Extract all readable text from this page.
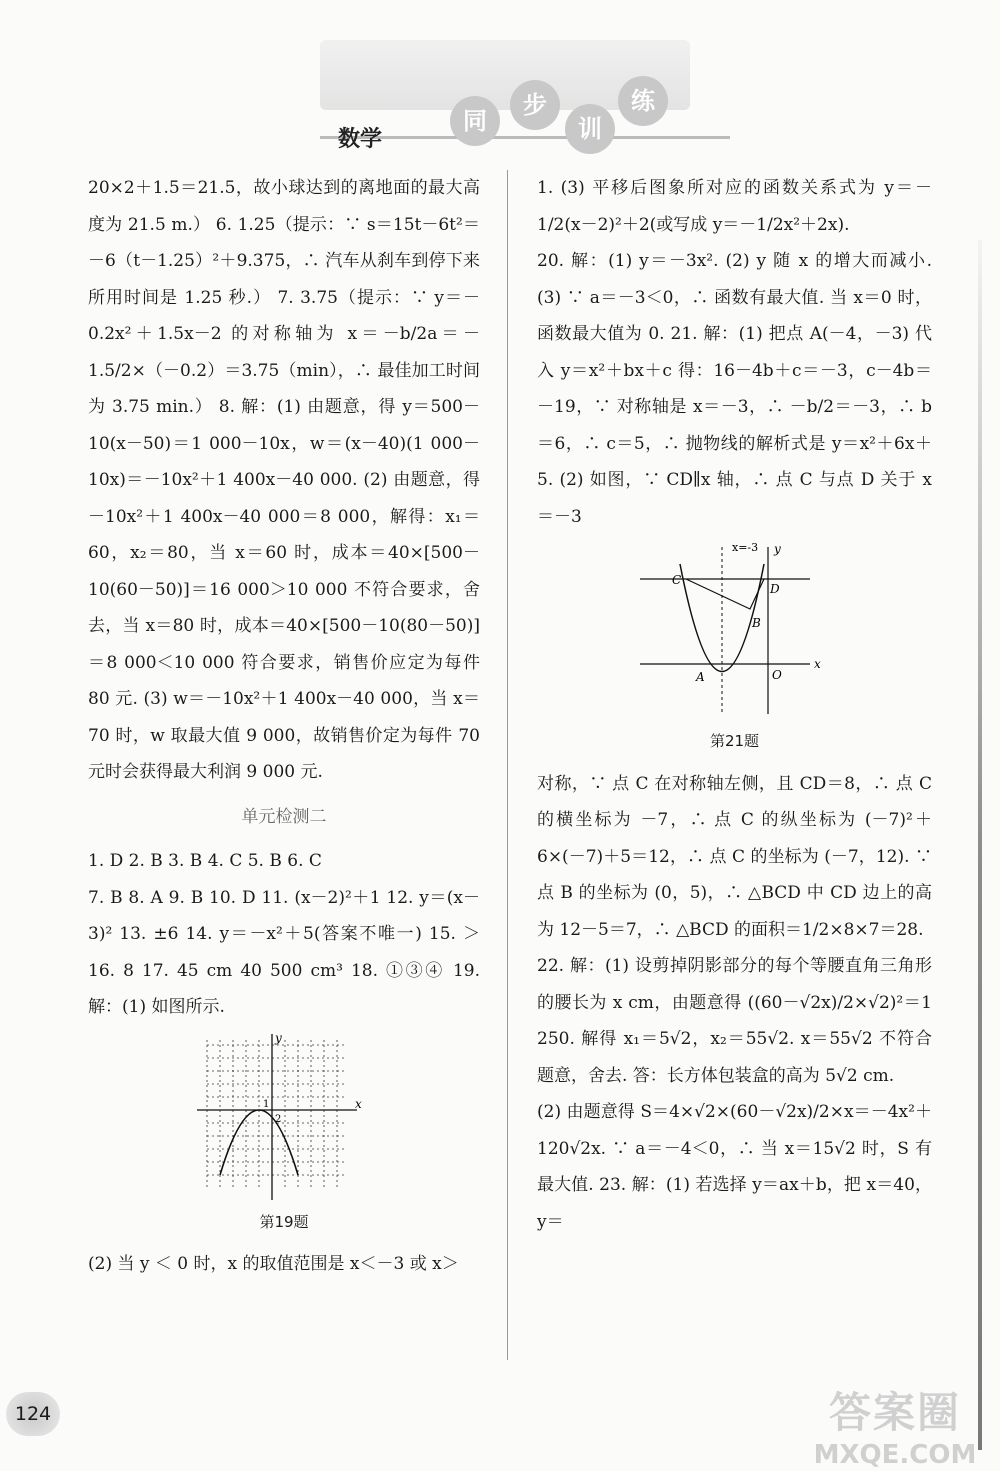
数学
同
步
训
练

20×2＋1.5＝21.5，故小球达到的离地面的最大高度为 21.5 m.） 6. 1.25（提示：∵ s＝15t－6t²＝－6（t－1.25）²＋9.375，∴ 汽车从刹车到停下来所用时间是 1.25 秒.） 7. 3.75（提示：∵ y＝－0.2x²＋1.5x－2 的对称轴为 x＝－b/2a＝－1.5/2×（－0.2）＝3.75（min），∴ 最佳加工时间为 3.75 min.） 8. 解：(1) 由题意，得 y＝500－10(x－50)＝1 000－10x，w＝(x－40)(1 000－10x)＝－10x²＋1 400x－40 000. (2) 由题意，得 －10x²＋1 400x－40 000＝8 000，解得：x₁＝60，x₂＝80，当 x＝60 时，成本＝40×[500－10(60－50)]＝16 000＞10 000 不符合要求，舍去，当 x＝80 时，成本＝40×[500－10(80－50)]＝8 000＜10 000 符合要求，销售价应定为每件 80 元. (3) w＝－10x²＋1 400x－40 000，当 x＝70 时，w 取最大值 9 000，故销售价定为每件 70 元时会获得最大利润 9 000 元.

单元检测二

1. D 2. B 3. B 4. C 5. B 6. C

7. B 8. A 9. B 10. D 11. (x－2)²＋1 12. y＝(x－3)² 13. ±6 14. y＝－x²＋5(答案不唯一) 15. ＞ 16. 8 17. 45 cm 40 500 cm³ 18. ①③④ 19. 解：(1) 如图所示.

y
x
1
2

第19题

(2) 当 y ＜ 0 时，x 的取值范围是 x＜－3 或 x＞

1. (3) 平移后图象所对应的函数关系式为 y＝－1/2(x－2)²＋2(或写成 y＝－1/2x²＋2x).

20. 解：(1) y＝－3x². (2) y 随 x 的增大而减小. (3) ∵ a＝－3＜0，∴ 函数有最大值. 当 x＝0 时，函数最大值为 0. 21. 解：(1) 把点 A(－4，－3) 代入 y＝x²＋bx＋c 得：16－4b＋c＝－3，c－4b＝－19，∵ 对称轴是 x＝－3，∴ －b/2＝－3，∴ b＝6，∴ c＝5，∴ 抛物线的解析式是 y＝x²＋6x＋5. (2) 如图，∵ CD∥x 轴，∴ 点 C 与点 D 关于 x＝－3

x=-3 y
x
C
D
B
A	O

第21题

对称，∵ 点 C 在对称轴左侧，且 CD＝8，∴ 点 C 的横坐标为 －7，∴ 点 C 的纵坐标为 (－7)²＋6×(－7)＋5＝12，∴ 点 C 的坐标为 (－7，12). ∵ 点 B 的坐标为 (0，5)，∴ △BCD 中 CD 边上的高为 12－5＝7，∴ △BCD 的面积＝1/2×8×7＝28.

22. 解：(1) 设剪掉阴影部分的每个等腰直角三角形的腰长为 x cm，由题意得 ((60－√2x)/2×√2)²＝1 250. 解得 x₁＝5√2，x₂＝55√2. x＝55√2 不符合题意，舍去. 答：长方体包装盒的高为 5√2 cm.

(2) 由题意得 S＝4×√2×(60－√2x)/2×x＝－4x²＋120√2x. ∵ a＝－4＜0，∴ 当 x＝15√2 时，S 有最大值. 23. 解：(1) 若选择 y＝ax＋b，把 x＝40，y＝

124	答案圈
MXQE.COM
